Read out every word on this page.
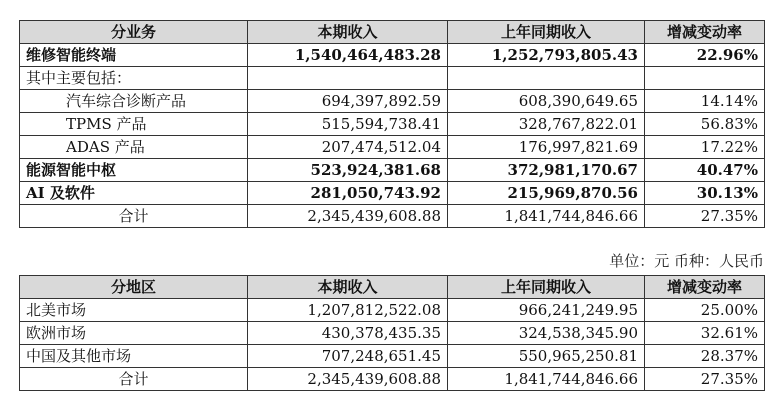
分业务	本期收入	上年同期收入	增减变动率
维修智能终端	1,540,464,483.28	1,252,793,805.43	22.96%
其中主要包括：			
汽车综合诊断产品	694,397,892.59	608,390,649.65	14.14%
TPMS 产品	515,594,738.41	328,767,822.01	56.83%
ADAS 产品	207,474,512.04	176,997,821.69	17.22%
能源智能中枢	523,924,381.68	372,981,170.67	40.47%
AI 及软件	281,050,743.92	215,969,870.56	30.13%
合计	2,345,439,608.88	1,841,744,846.66	27.35%
单位：元 币种：人民币
分地区	本期收入	上年同期收入	增减变动率
北美市场	1,207,812,522.08	966,241,249.95	25.00%
欧洲市场	430,378,435.35	324,538,345.90	32.61%
中国及其他市场	707,248,651.45	550,965,250.81	28.37%
合计	2,345,439,608.88	1,841,744,846.66	27.35%
